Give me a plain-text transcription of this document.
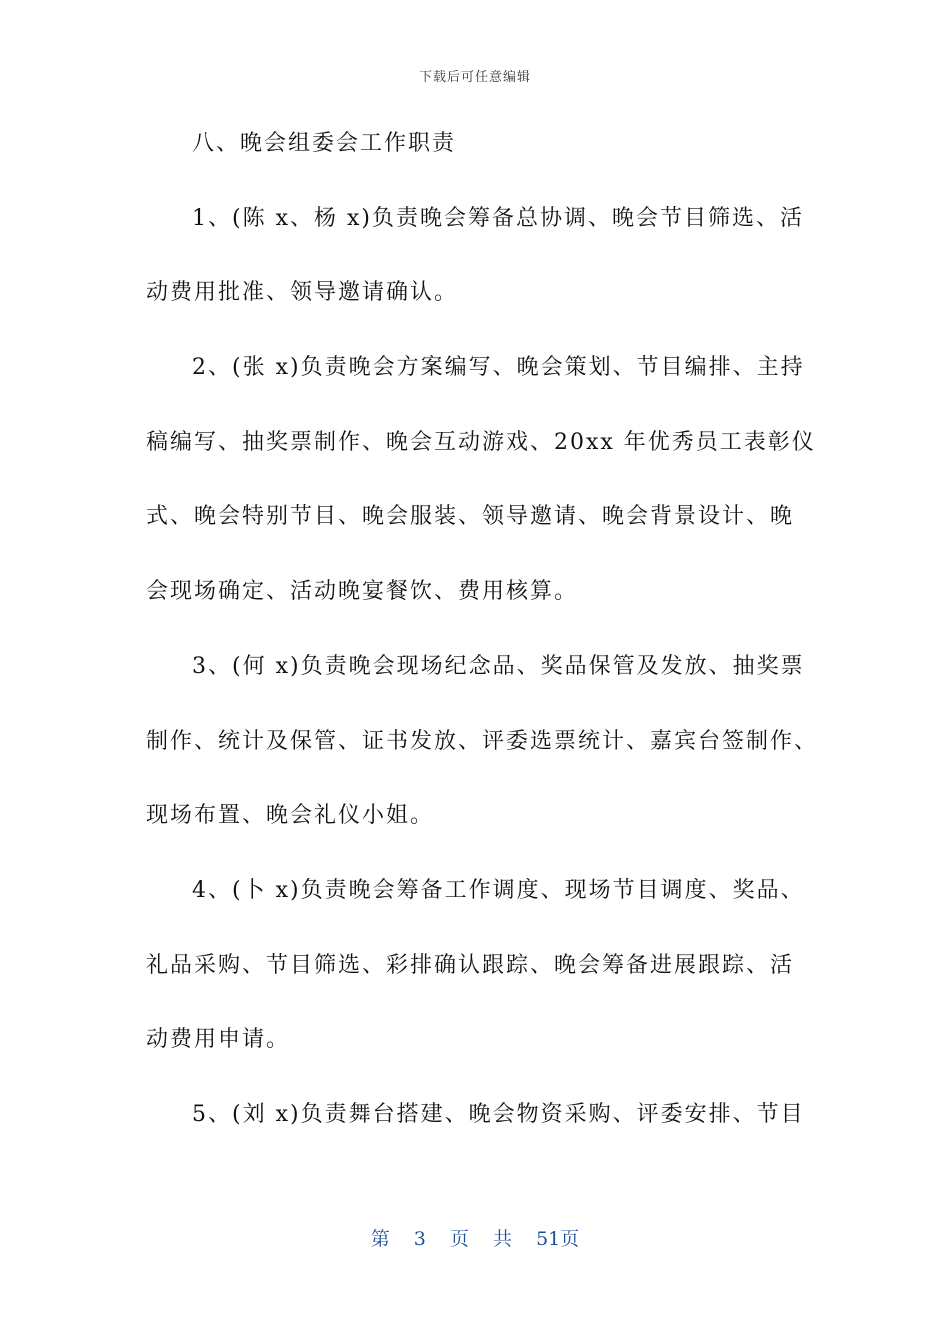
下载后可任意编辑
八、晚会组委会工作职责
1、(陈 x、杨 x)负责晚会筹备总协调、晚会节目筛选、活
动费用批准、领导邀请确认。
2、(张 x)负责晚会方案编写、晚会策划、节目编排、主持
稿编写、抽奖票制作、晚会互动游戏、20xx 年优秀员工表彰仪
式、晚会特别节目、晚会服装、领导邀请、晚会背景设计、晚
会现场确定、活动晚宴餐饮、费用核算。
3、(何 x)负责晚会现场纪念品、奖品保管及发放、抽奖票
制作、统计及保管、证书发放、评委选票统计、嘉宾台签制作、
现场布置、晚会礼仪小姐。
4、(卜 x)负责晚会筹备工作调度、现场节目调度、奖品、
礼品采购、节目筛选、彩排确认跟踪、晚会筹备进展跟踪、活
动费用申请。
5、(刘 x)负责舞台搭建、晚会物资采购、评委安排、节目
第 3 页 共 51页
